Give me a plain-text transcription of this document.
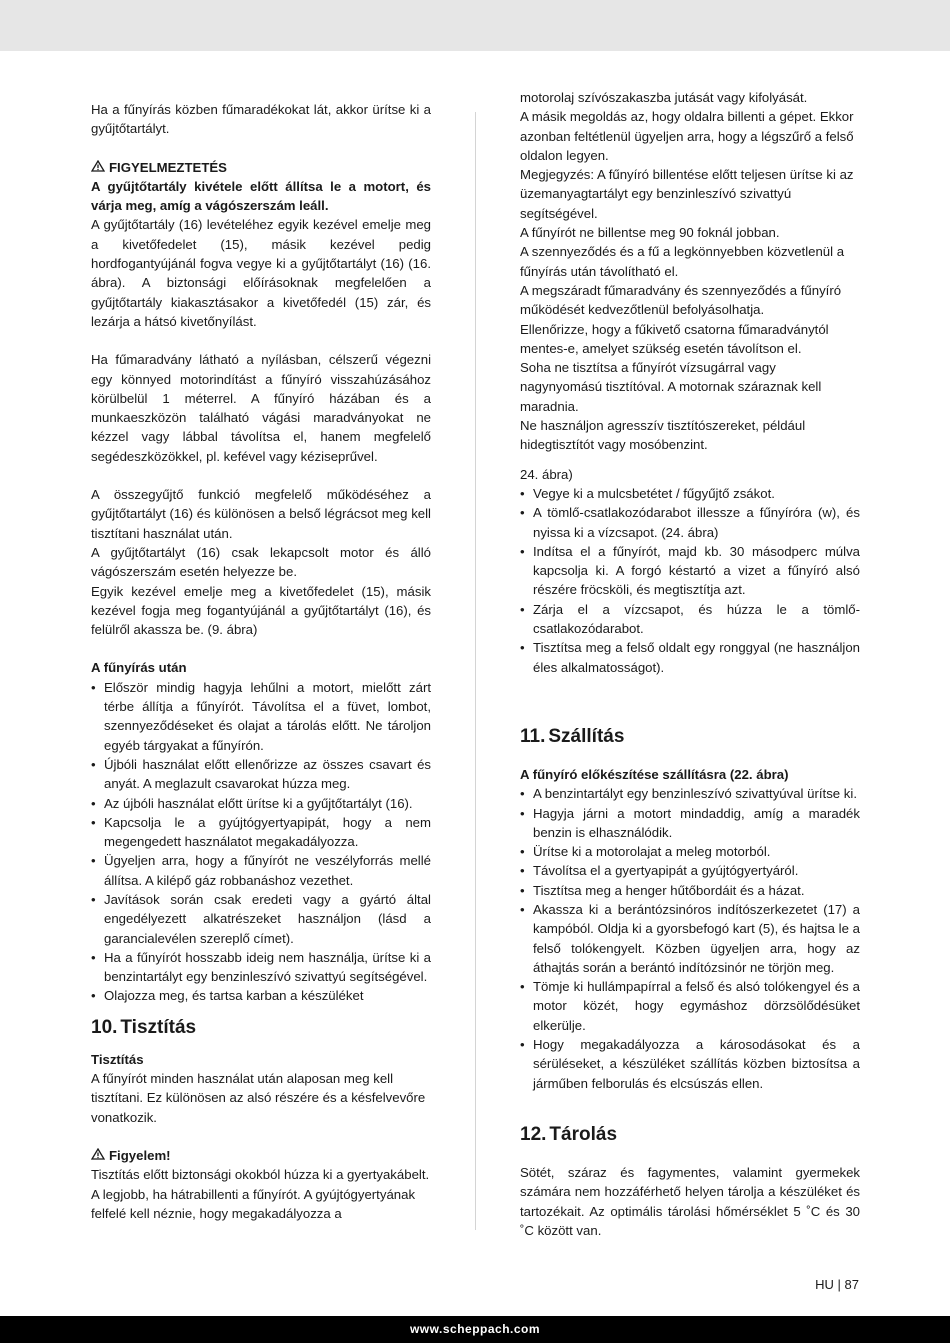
Ha a fűnyírás közben fűmaradékokat lát, akkor ürítse ki a gyűjtőtartályt.

FIGYELMEZTETÉS

A gyűjtőtartály kivétele előtt állítsa le a motort, és várja meg, amíg a vágószerszám leáll.

A gyűjtőtartály (16) levételéhez egyik kezével emelje meg a kivetőfedelet (15), másik kezével pedig hordfogantyújánál fogva vegye ki a gyűjtőtartályt (16) (16. ábra). A biztonsági előírásoknak megfelelően a gyűjtőtartály kiakasztásakor a kivetőfedél (15) zár, és lezárja a hátsó kivetőnyílást.

Ha fűmaradvány látható a nyílásban, célszerű végezni egy könnyed motorindítást a fűnyíró visszahúzásához körülbelül 1 méterrel. A fűnyíró házában és a munkaeszközön található vágási maradványokat ne kézzel vagy lábbal távolítsa el, hanem megfelelő segédeszközökkel, pl. kefével vagy kéziseprűvel.

A összegyűjtő funkció megfelelő működéséhez a gyűjtőtartályt (16) és különösen a belső légrácsot meg kell tisztítani használat után.

A gyűjtőtartályt (16) csak lekapcsolt motor és álló vágószerszám esetén helyezze be.

Egyik kezével emelje meg a kivetőfedelet (15), másik kezével fogja meg fogantyújánál a gyűjtőtartályt (16), és felülről akassza be. (9. ábra)

A fűnyírás után

• Először mindig hagyja lehűlni a motort, mielőtt zárt térbe állítja a fűnyírót. Távolítsa el a füvet, lombot, szennyeződéseket és olajat a tárolás előtt. Ne tároljon egyéb tárgyakat a fűnyírón.
• Újbóli használat előtt ellenőrizze az összes csavart és anyát. A meglazult csavarokat húzza meg.
• Az újbóli használat előtt ürítse ki a gyűjtőtartályt (16).
• Kapcsolja le a gyújtógyertyapipát, hogy a nem megengedett használatot megakadályozza.
• Ügyeljen arra, hogy a fűnyírót ne veszélyforrás mellé állítsa. A kilépő gáz robbanáshoz vezethet.
• Javítások során csak eredeti vagy a gyártó által engedélyezett alkatrészeket használjon (lásd a garancialevélen szereplő címet).
• Ha a fűnyírót hosszabb ideig nem használja, ürítse ki a benzintartályt egy benzinleszívó szivattyú segítségével.
• Olajozza meg, és tartsa karban a készüléket
10. Tisztítás

Tisztítás

A fűnyírót minden használat után alaposan meg kell tisztítani. Ez különösen az alsó részére és a késfelvevőre vonatkozik.

Figyelem!

Tisztítás előtt biztonsági okokból húzza ki a gyertyakábelt.

A legjobb, ha hátrabillenti a fűnyírót. A gyújtógyertyának felfelé kell néznie, hogy megakadályozza a

motorolaj szívószakaszba jutását vagy kifolyását.

A másik megoldás az, hogy oldalra billenti a gépet. Ekkor azonban feltétlenül ügyeljen arra, hogy a légszűrő a felső oldalon legyen.

Megjegyzés: A fűnyíró billentése előtt teljesen ürítse ki az üzemanyagtartályt egy benzinleszívó szivattyú segítségével.

A fűnyírót ne billentse meg 90 foknál jobban.

A szennyeződés és a fű a legkönnyebben közvetlenül a fűnyírás után távolítható el.

A megszáradt fűmaradvány és szennyeződés a fűnyíró működését kedvezőtlenül befolyásolhatja.

Ellenőrizze, hogy a fűkivető csatorna fűmaradványtól mentes-e, amelyet szükség esetén távolítson el.

Soha ne tisztítsa a fűnyírót vízsugárral vagy nagynyomású tisztítóval. A motornak száraznak kell maradnia.

Ne használjon agresszív tisztítószereket, például hidegtisztítót vagy mosóbenzint.

24. ábra)

• Vegye ki a mulcsbetétet / fűgyűjtő zsákot.
• A tömlő-csatlakozódarabot illessze a fűnyíróra (w), és nyissa ki a vízcsapot. (24. ábra)
• Indítsa el a fűnyírót, majd kb. 30 másodperc múlva kapcsolja ki. A forgó késtartó a vizet a fűnyíró alsó részére fröcsköli, és megtisztítja azt.
• Zárja el a vízcsapot, és húzza le a tömlő-csatlakozódarabot.
• Tisztítsa meg a felső oldalt egy ronggyal (ne használjon éles alkalmatosságot).
11. Szállítás

A fűnyíró előkészítése szállításra (22. ábra)

• A benzintartályt egy benzinleszívó szivattyúval ürítse ki.
• Hagyja járni a motort mindaddig, amíg a maradék benzin is elhasználódik.
• Ürítse ki a motorolajat a meleg motorból.
• Távolítsa el a gyertyapipát a gyújtógyertyáról.
• Tisztítsa meg a henger hűtőbordáit és a házat.
• Akassza ki a berántózsinóros indítószerkezetet (17) a kampóból. Oldja ki a gyorsbefogó kart (5), és hajtsa le a felső tolókengyelt. Közben ügyeljen arra, hogy az áthajtás során a berántó indítózsinór ne törjön meg.
• Tömje ki hullámpapírral a felső és alsó tolókengyel és a motor közét, hogy egymáshoz dörzsölődésüket elkerülje.
• Hogy megakadályozza a károsodásokat és a sérüléseket, a készüléket szállítás közben biztosítsa a járműben felborulás és elcsúszás ellen.
12. Tárolás

Sötét, száraz és fagymentes, valamint gyermekek számára nem hozzáférhető helyen tárolja a készüléket és tartozékait. Az optimális tárolási hőmérséklet 5 ˚C és 30 ˚C között van.

HU | 87
www.scheppach.com
